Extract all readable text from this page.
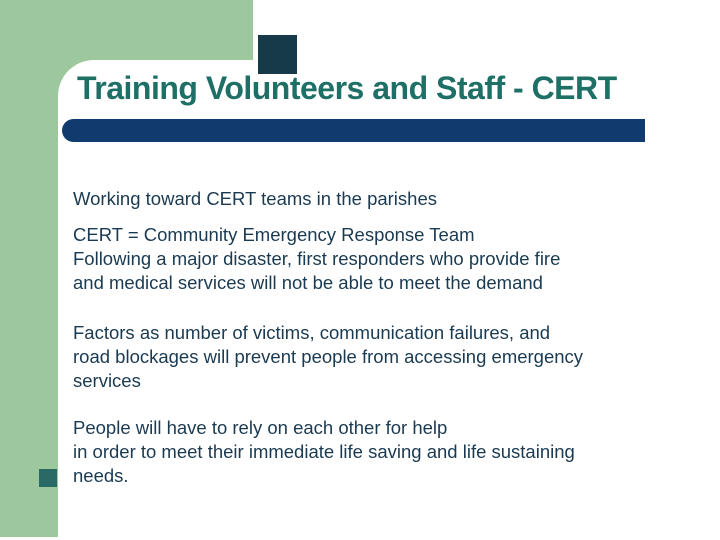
Training Volunteers and Staff - CERT
Working toward CERT teams in the parishes
CERT = Community Emergency Response Team
Following a major disaster, first responders who provide fire
and medical services will not be able to meet the demand
Factors as number of victims, communication failures, and
road blockages will prevent people from accessing emergency
services
People will have to rely on each other for help
in order to meet their immediate life saving and life sustaining
needs.
